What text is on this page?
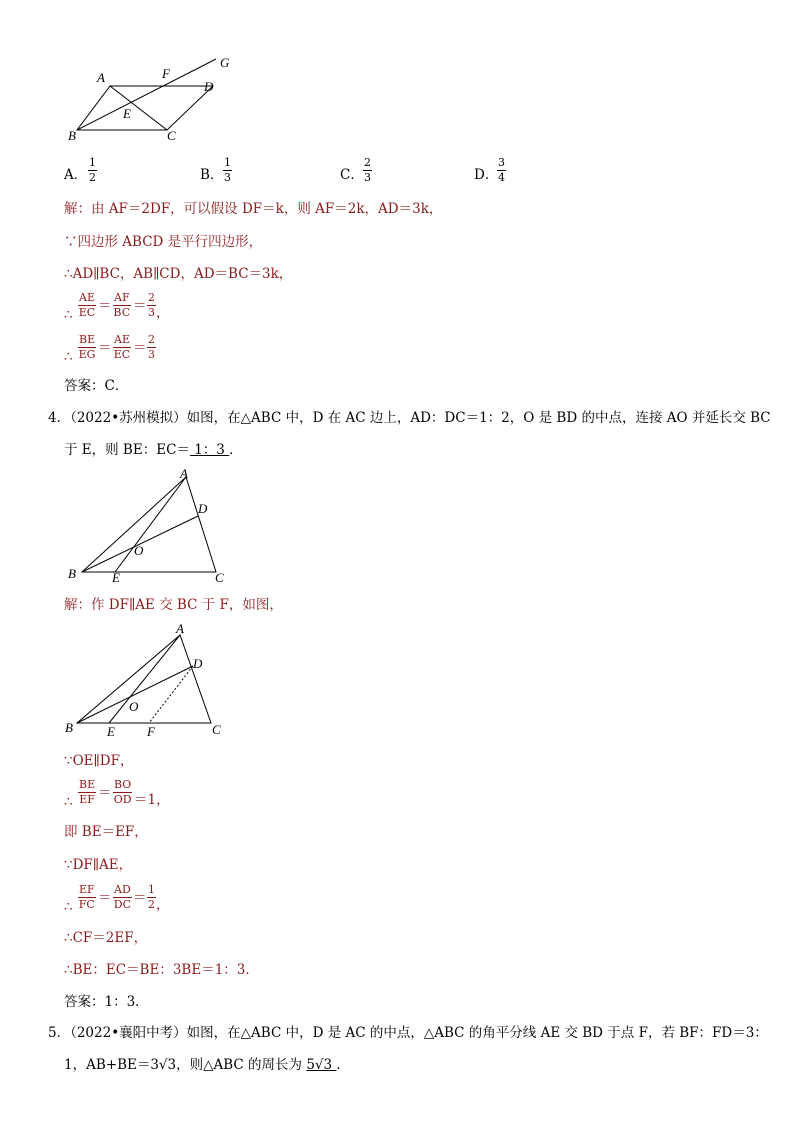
A	F
G
D
E
B	C
A． $\frac{1}{2}$	B． $\frac{1}{3}$	C． $\frac{2}{3}$	D．
$\frac{3}{4}$
解：由 AF＝2DF，可以假设 DF＝k，则 AF＝2k，AD＝3k，
∵四边形 ABCD 是平行四边形，
∴AD∥BC，AB∥CD，AD＝BC＝3k，
∴ $\frac{AE}{EC} = \frac{AF}{BC} = \frac{2}{3}$ ，
∴ $\frac{BE}{EG} = \frac{AE}{EC} = \frac{2}{3}$
答案：C．
4．（2022•苏州模拟）如图，在△ABC 中，D 在 AC 边上，AD：DC＝1：2，O 是 BD 的中点，连接 AO 并延长交 BC
于 E，则 BE：EC＝ 1：3 ．
A
D
O
B	E	C
解：作 DF∥AE 交 BC 于 F，如图，
A
D
O
B	E F	C
∵OE∥DF，
∴ $\frac{BE}{EF} = \frac{BO}{OD} =1$，
即 BE＝EF，
∵DF∥AE，
∴ $\frac{EF}{FC} = \frac{AD}{DC} = \frac{1}{2}$ ，
∴CF＝2EF，
∴BE：EC＝BE：3BE＝1：3．
答案：1：3．
5．（2022•襄阳中考）如图，在△ABC 中，D 是 AC 的中点，△ABC 的角平分线 AE 交 BD 于点 F，若 BF：FD＝3：
1，AB+BE＝3√3，则△ABC 的周长为 5√3 ．
